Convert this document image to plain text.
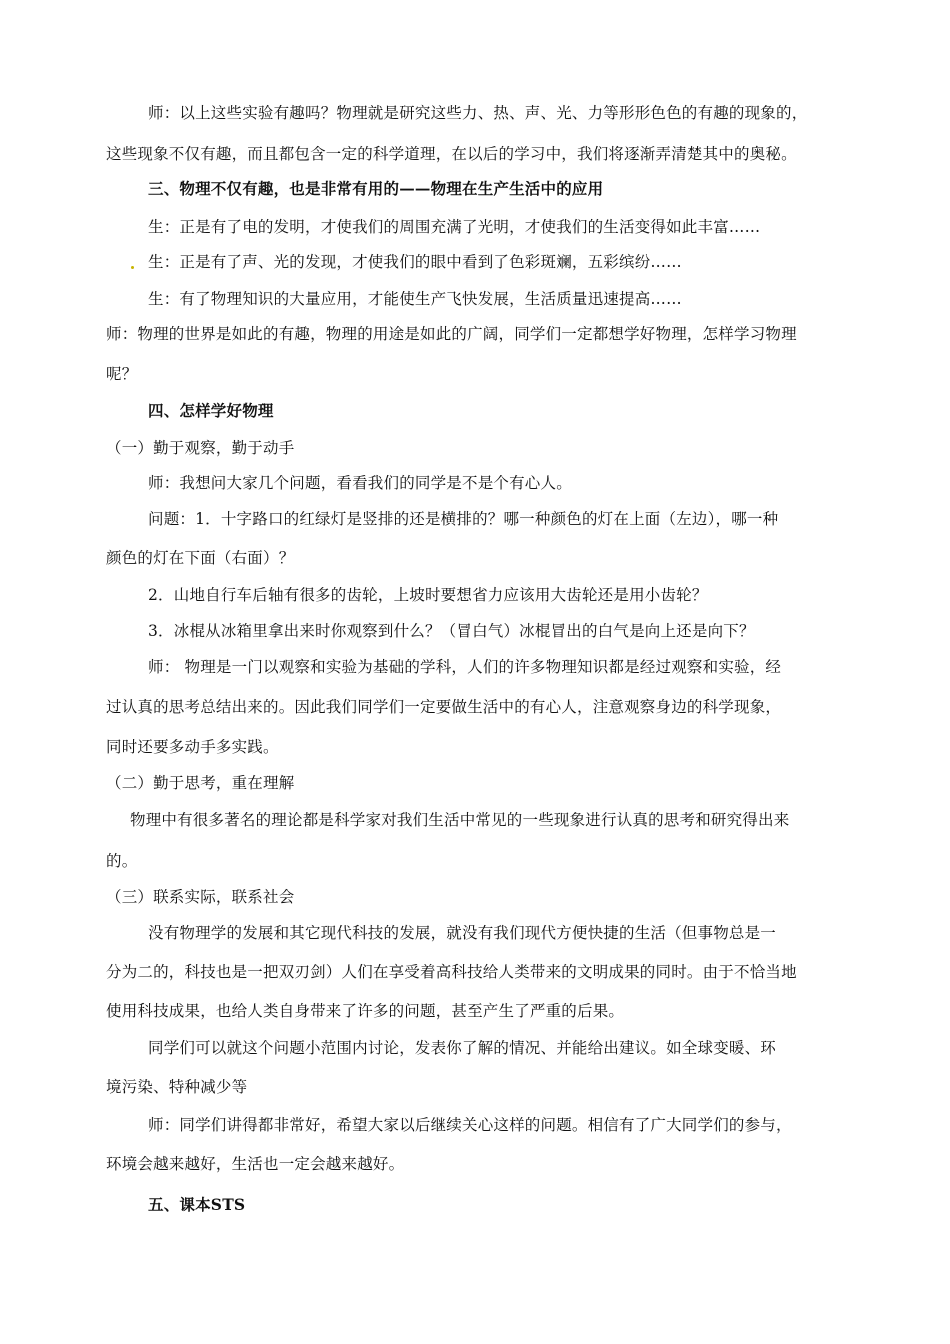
师：以上这些实验有趣吗？物理就是研究这些力、热、声、光、力等形形色色的有趣的现象的，
这些现象不仅有趣，而且都包含一定的科学道理，在以后的学习中，我们将逐渐弄清楚其中的奥秘。
三、物理不仅有趣，也是非常有用的——物理在生产生活中的应用
生：正是有了电的发明，才使我们的周围充满了光明，才使我们的生活变得如此丰富……
生：正是有了声、光的发现，才使我们的眼中看到了色彩斑斓，五彩缤纷……
生：有了物理知识的大量应用，才能使生产飞快发展，生活质量迅速提高……
师：物理的世界是如此的有趣，物理的用途是如此的广阔，同学们一定都想学好物理，怎样学习物理
呢？
四、怎样学好物理
（一）勤于观察，勤于动手
师：我想问大家几个问题，看看我们的同学是不是个有心人。
问题：1．十字路口的红绿灯是竖排的还是横排的？哪一种颜色的灯在上面（左边），哪一种
颜色的灯在下面（右面）？
2．山地自行车后轴有很多的齿轮，上坡时要想省力应该用大齿轮还是用小齿轮？
3．冰棍从冰箱里拿出来时你观察到什么？（冒白气）冰棍冒出的白气是向上还是向下？
师： 物理是一门以观察和实验为基础的学科，人们的许多物理知识都是经过观察和实验，经
过认真的思考总结出来的。因此我们同学们一定要做生活中的有心人，注意观察身边的科学现象，
同时还要多动手多实践。
（二）勤于思考，重在理解
物理中有很多著名的理论都是科学家对我们生活中常见的一些现象进行认真的思考和研究得出来
的。
（三）联系实际，联系社会
没有物理学的发展和其它现代科技的发展，就没有我们现代方便快捷的生活（但事物总是一
分为二的，科技也是一把双刃剑）人们在享受着高科技给人类带来的文明成果的同时。由于不恰当地
使用科技成果，也给人类自身带来了许多的问题，甚至产生了严重的后果。
同学们可以就这个问题小范围内讨论，发表你了解的情况、并能给出建议。如全球变暖、环
境污染、特种减少等
师：同学们讲得都非常好，希望大家以后继续关心这样的问题。相信有了广大同学们的参与，
环境会越来越好，生活也一定会越来越好。
五、课本STS
